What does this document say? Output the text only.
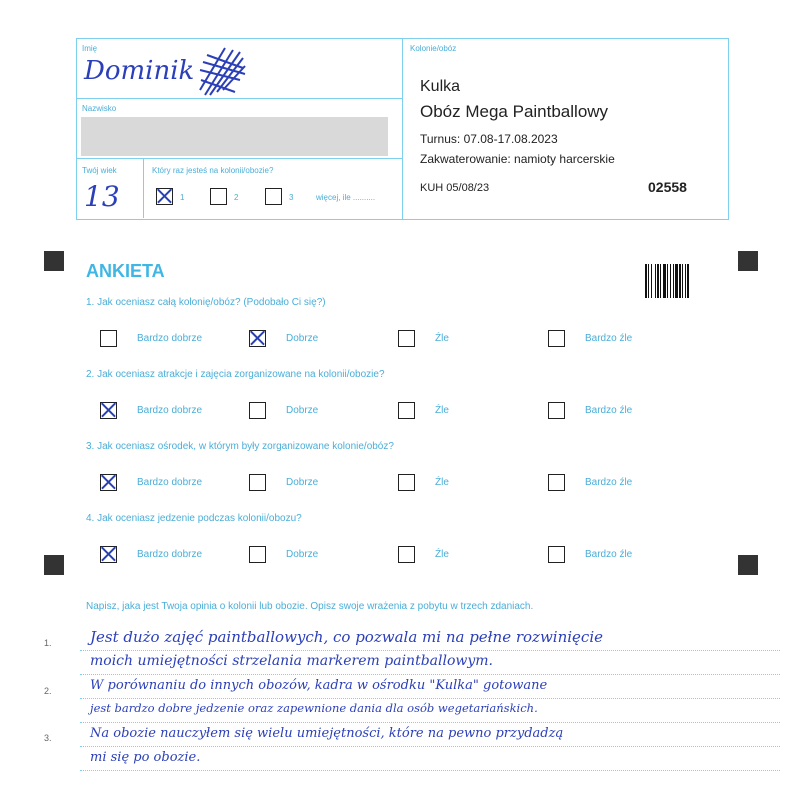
Imię
Dominik
Nazwisko
Twój wiek
13
Który raz jesteś na kolonii/obozie?
1	2	3	więcej, ile ..........
Kolonie/obóz
Kulka
Obóz Mega Paintballowy
Turnus: 07.08-17.08.2023
Zakwaterowanie: namioty harcerskie
KUH 05/08/23	02558
ANKIETA
1. Jak oceniasz całą kolonię/obóz? (Podobało Ci się?)
Bardzo dobrze	Dobrze	Źle	Bardzo źle
2. Jak oceniasz atrakcje i zajęcia zorganizowane na kolonii/obozie?
Bardzo dobrze	Dobrze	Źle	Bardzo źle
3. Jak oceniasz ośrodek, w którym były zorganizowane kolonie/obóz?
Bardzo dobrze	Dobrze	Źle	Bardzo źle
4. Jak oceniasz jedzenie podczas kolonii/obozu?
Bardzo dobrze	Dobrze	Źle	Bardzo źle
Napisz, jaka jest Twoja opinia o kolonii lub obozie. Opisz swoje wrażenia z pobytu w trzech zdaniach.
1.
2.
3.
Jest dużo zajęć paintballowych, co pozwala mi na pełne rozwinięcie
moich umiejętności strzelania markerem paintballowym.
W porównaniu do innych obozów, kadra w ośrodku "Kulka" gotowane
jest bardzo dobre jedzenie oraz zapewnione dania dla osób wegetariańskich.
Na obozie nauczyłem się wielu umiejętności, które na pewno przydadzą
mi się po obozie.
